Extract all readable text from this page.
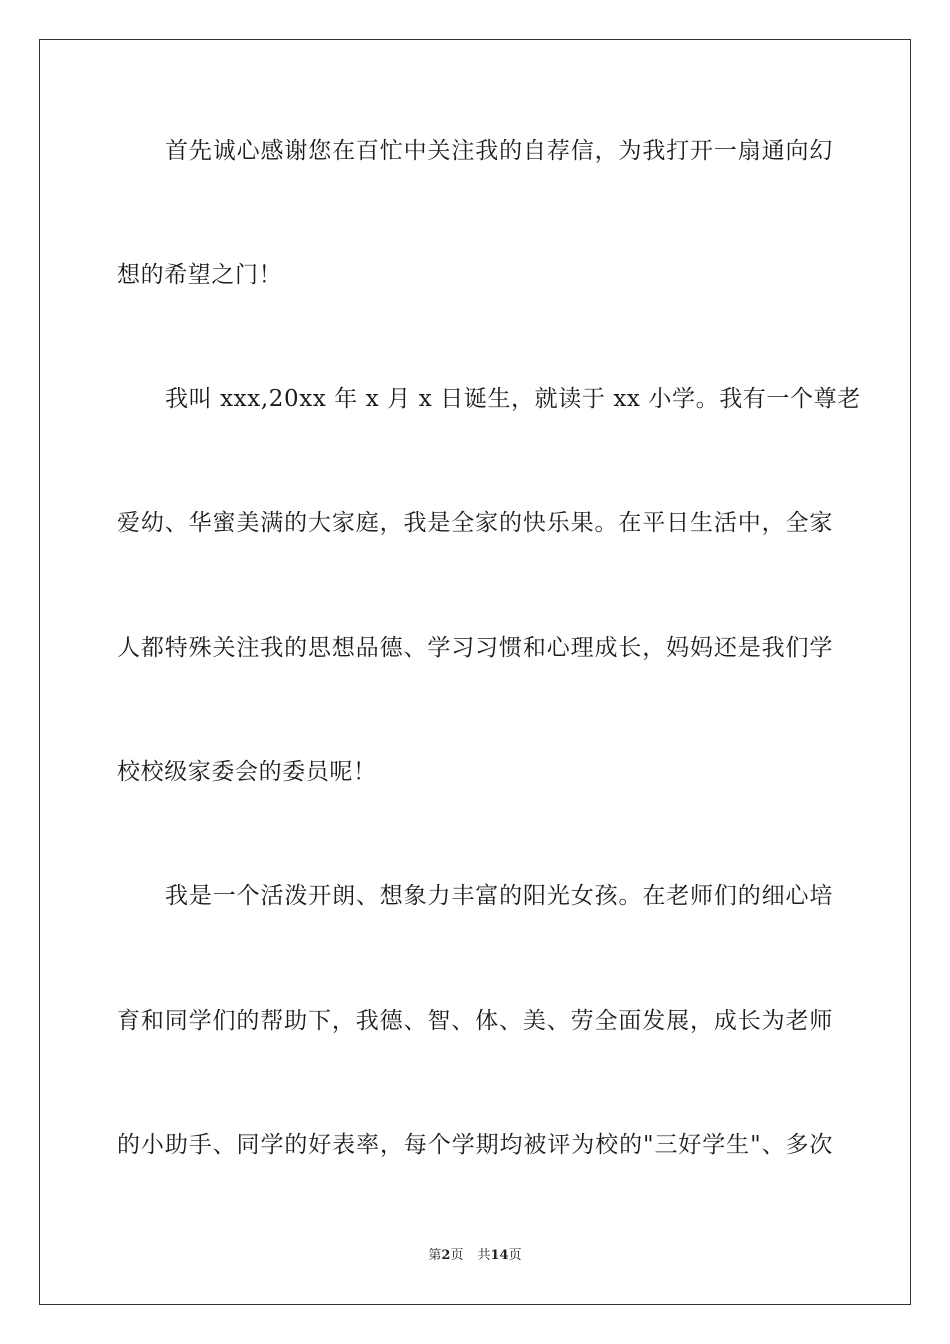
首先诚心感谢您在百忙中关注我的自荐信，为我打开一扇通向幻
想的希望之门！
我叫 xxx,20xx 年 x 月 x 日诞生，就读于 xx 小学。我有一个尊老
爱幼、华蜜美满的大家庭，我是全家的快乐果。在平日生活中，全家
人都特殊关注我的思想品德、学习习惯和心理成长，妈妈还是我们学
校校级家委会的委员呢！
我是一个活泼开朗、想象力丰富的阳光女孩。在老师们的细心培
育和同学们的帮助下，我德、智、体、美、劳全面发展，成长为老师
的小助手、同学的好表率，每个学期均被评为校的"三好学生"、多次
第2页 共14页
